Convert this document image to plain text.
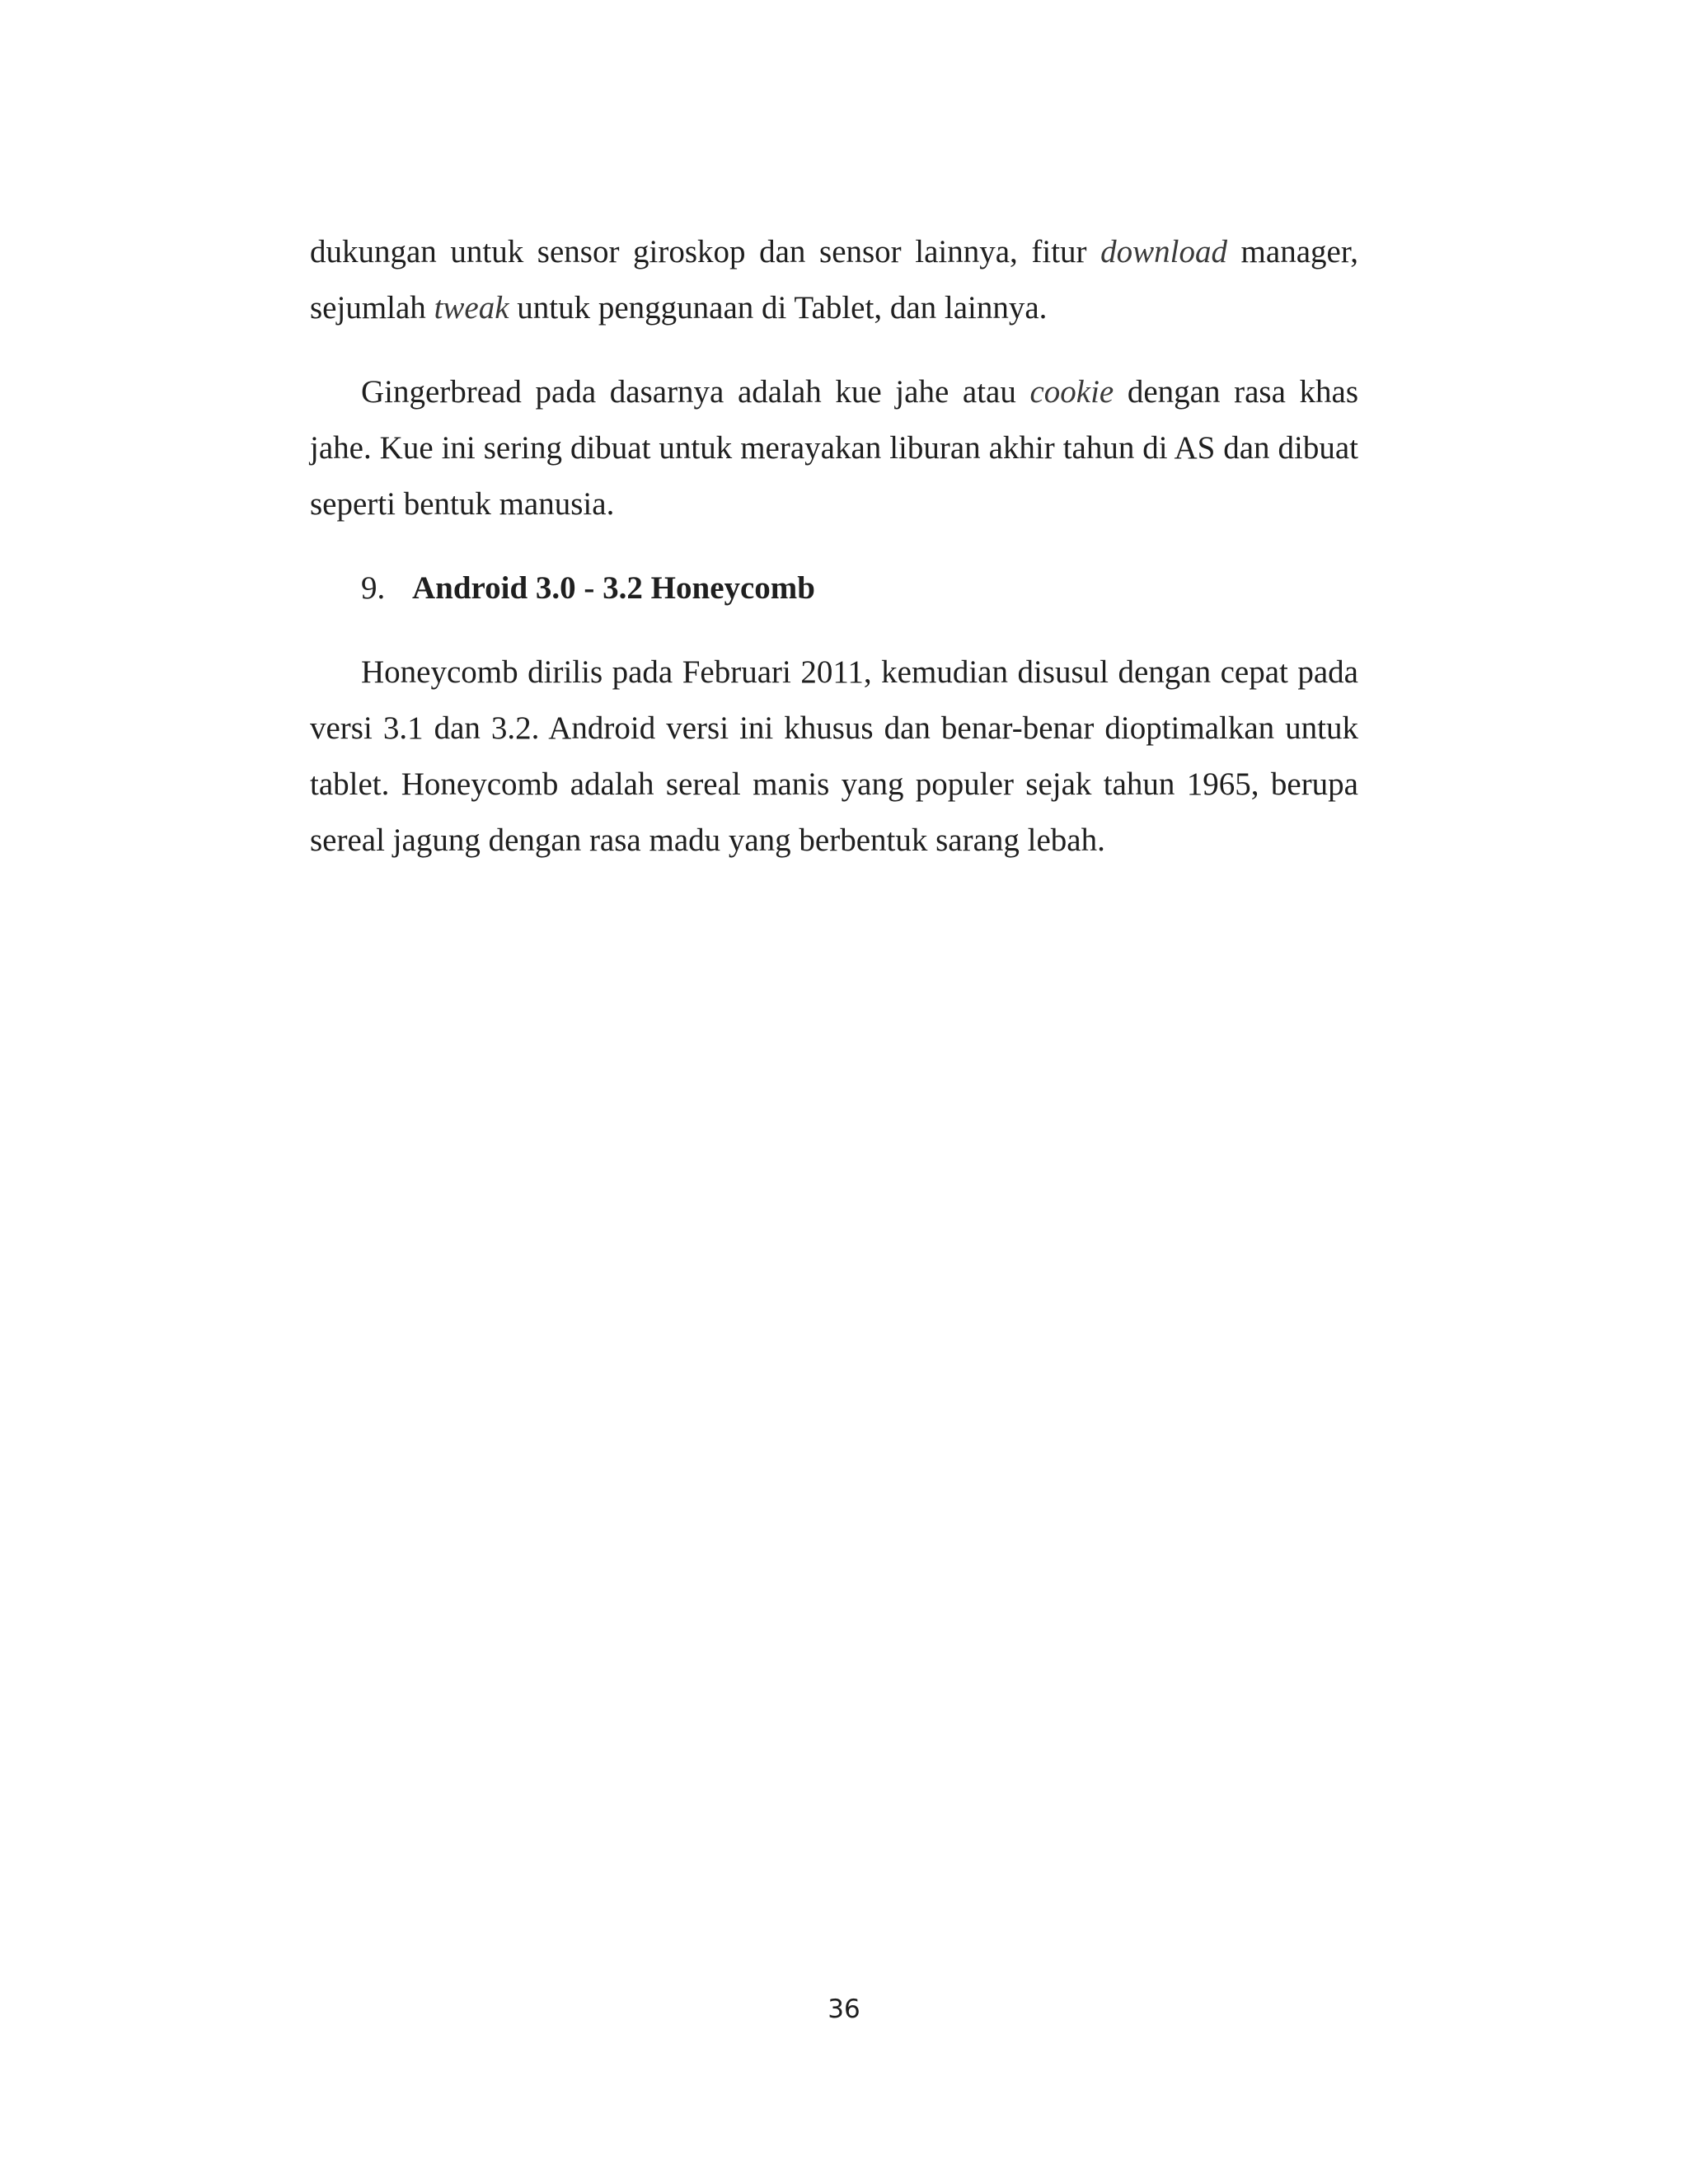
dukungan untuk sensor giroskop dan sensor lainnya, fitur download manager, sejumlah tweak untuk penggunaan di Tablet, dan lainnya.

Gingerbread pada dasarnya adalah kue jahe atau cookie dengan rasa khas jahe. Kue ini sering dibuat untuk merayakan liburan akhir tahun di AS dan dibuat seperti bentuk manusia.

9. Android 3.0 - 3.2 Honeycomb

Honeycomb dirilis pada Februari 2011, kemudian disusul dengan cepat pada versi 3.1 dan 3.2. Android versi ini khusus dan benar-benar dioptimalkan untuk tablet. Honeycomb adalah sereal manis yang populer sejak tahun 1965, berupa sereal jagung dengan rasa madu yang berbentuk sarang lebah.

36
